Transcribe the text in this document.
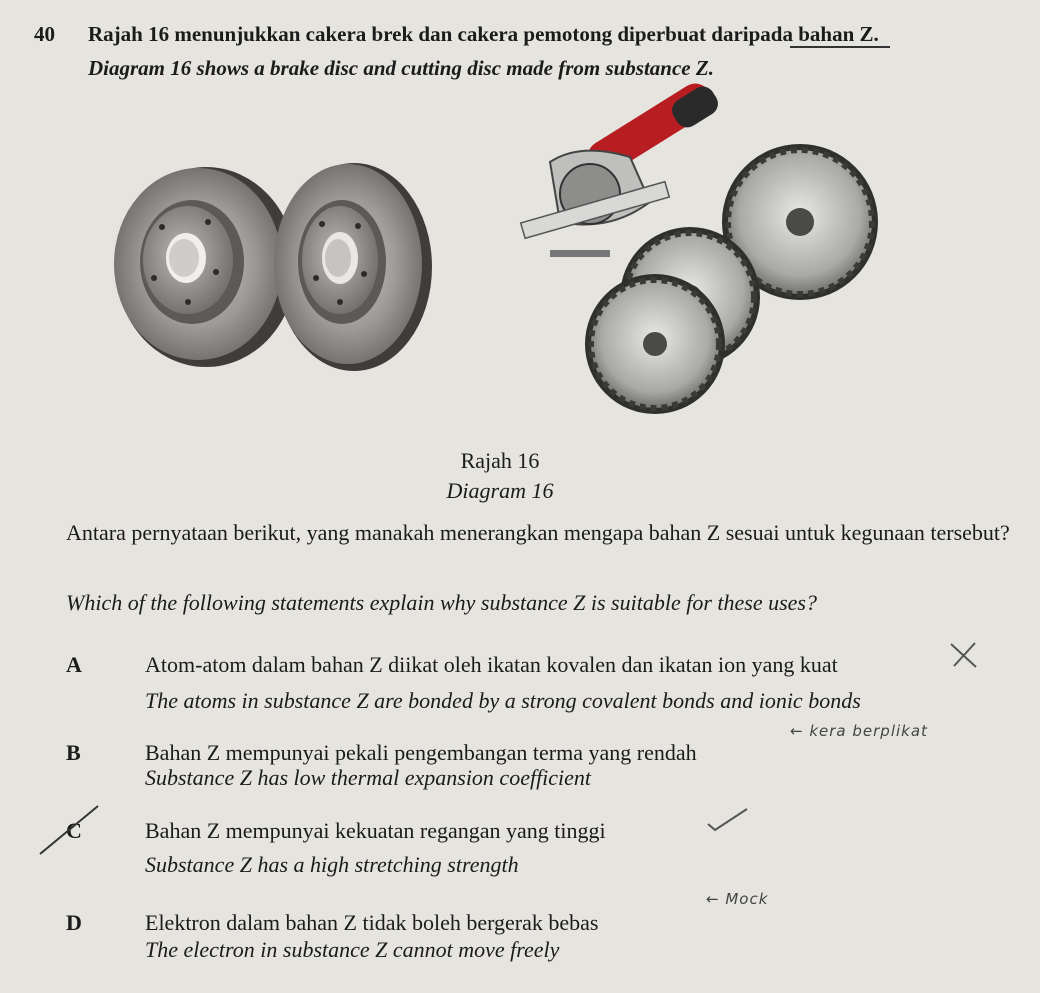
40 Rajah 16 menunjukkan cakera brek dan cakera pemotong diperbuat daripada bahan Z.
Diagram 16 shows a brake disc and cutting disc made from substance Z.
Rajah 16
Diagram 16
Antara pernyataan berikut, yang manakah menerangkan mengapa bahan Z sesuai untuk kegunaan tersebut?
Which of the following statements explain why substance Z is suitable for these uses?
A	Atom-atom dalam bahan Z diikat oleh ikatan kovalen dan ikatan ion yang kuat
The atoms in substance Z are bonded by a strong covalent bonds and ionic bonds
B	Bahan Z mempunyai pekali pengembangan terma yang rendah
← kera berplikat
Substance Z has low thermal expansion coefficient
C	Bahan Z mempunyai kekuatan regangan yang tinggi
Substance Z has a high stretching strength
D	Elektron dalam bahan Z tidak boleh bergerak bebas
← Mock
The electron in substance Z cannot move freely
